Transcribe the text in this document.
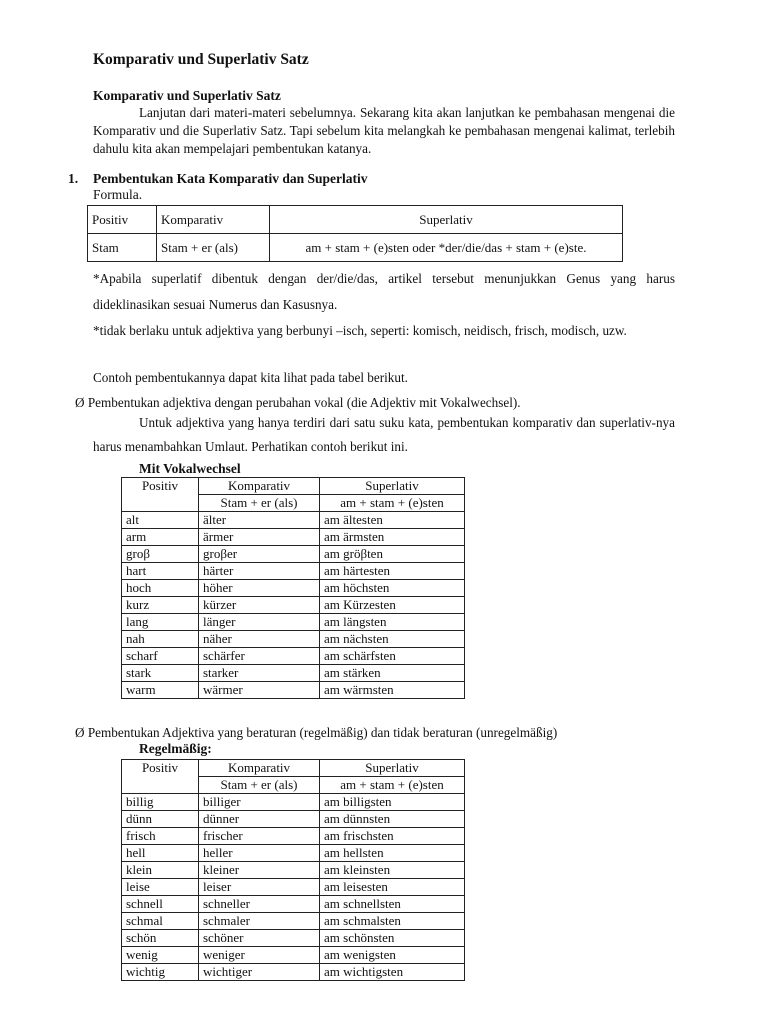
Komparativ und Superlativ Satz
Komparativ und Superlativ Satz
Lanjutan dari materi-materi sebelumnya. Sekarang kita akan lanjutkan ke pembahasan mengenai die Komparativ und die Superlativ Satz. Tapi sebelum kita melangkah ke pembahasan mengenai kalimat, terlebih dahulu kita akan mempelajari pembentukan katanya.
1. Pembentukan Kata Komparativ dan Superlativ
Formula.
Positiv	Komparativ	Superlativ
Stam	Stam + er (als)	am + stam + (e)sten oder *der/die/das + stam + (e)ste.
*Apabila superlatif dibentuk dengan der/die/das, artikel tersebut menunjukkan Genus yang harus dideklinasikan sesuai Numerus dan Kasusnya.
*tidak berlaku untuk adjektiva yang berbunyi –isch, seperti: komisch, neidisch, frisch, modisch, uzw.
Contoh pembentukannya dapat kita lihat pada tabel berikut.
Ø Pembentukan adjektiva dengan perubahan vokal (die Adjektiv mit Vokalwechsel).
Untuk adjektiva yang hanya terdiri dari satu suku kata, pembentukan komparativ dan superlativ-nya harus menambahkan Umlaut. Perhatikan contoh berikut ini.
Mit Vokalwechsel
Positiv	Komparativ	Superlativ
	Stam + er (als)	am + stam + (e)sten
alt	älter	am ältesten
arm	ärmer	am ärmsten
groβ	groβer	am gröβten
hart	härter	am härtesten
hoch	höher	am höchsten
kurz	kürzer	am Kürzesten
lang	länger	am längsten
nah	näher	am nächsten
scharf	schärfer	am schärfsten
stark	starker	am stärken
warm	wärmer	am wärmsten
Ø Pembentukan Adjektiva yang beraturan (regelmäßig) dan tidak beraturan (unregelmäßig)
Regelmäßig:
Positiv	Komparativ	Superlativ
	Stam + er (als)	am + stam + (e)sten
billig	billiger	am billigsten
dünn	dünner	am dünnsten
frisch	frischer	am frischsten
hell	heller	am hellsten
klein	kleiner	am kleinsten
leise	leiser	am leisesten
schnell	schneller	am schnellsten
schmal	schmaler	am schmalsten
schön	schöner	am schönsten
wenig	weniger	am wenigsten
wichtig	wichtiger	am wichtigsten
